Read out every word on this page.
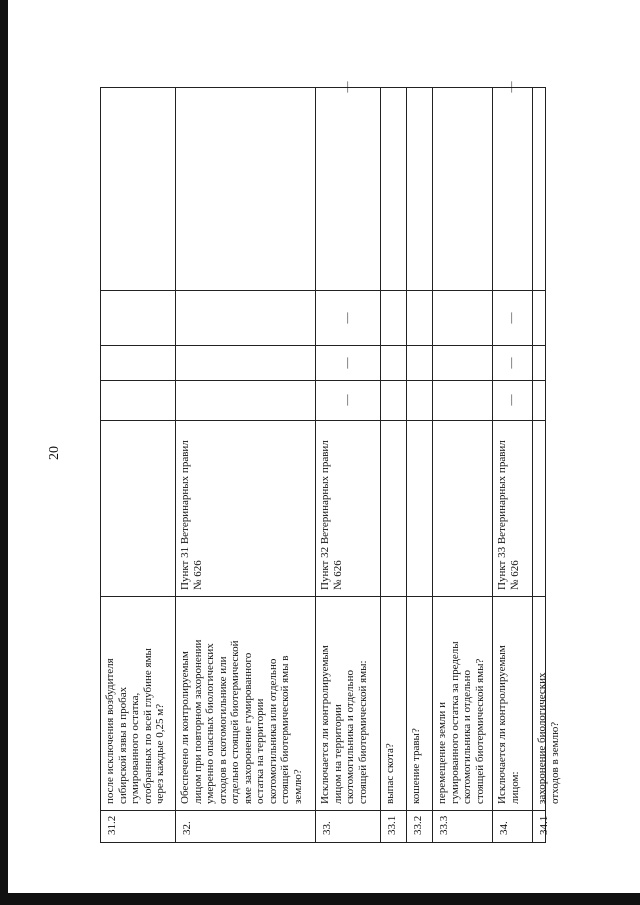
20
31.2
после исключения возбудителя
сибирской язвы в пробах
гумированного остатка,
отобранных по всей глубине ямы
через каждые 0,25 м?
32.
Обеспечено ли контролируемым
лицом при повторном захоронении
умеренно опасных биологических
отходов в скотомогильнике или
отдельно стоящей биотермической
яме захоронение гумированного
остатка на территории
скотомогильника или отдельно
стоящей биотермической ямы в
землю?
Пункт 31 Ветеринарных правил
№ 626
33.
Исключается ли контролируемым
лицом на территории
скотомогильника и отдельно
стоящей биотермической ямы:
Пункт 32 Ветеринарных правил
№ 626
—
—
—
—
33.1
выпас скота?
33.2
кошение травы?
33.3
перемещение земли и
гумированного остатка за пределы
скотомогильника и отдельно
стоящей биотермической ямы?
34.
Исключается ли контролируемым
лицом:
Пункт 33 Ветеринарных правил
№ 626
—
—
—
—
34.1
захоронение биологических
отходов в землю?
